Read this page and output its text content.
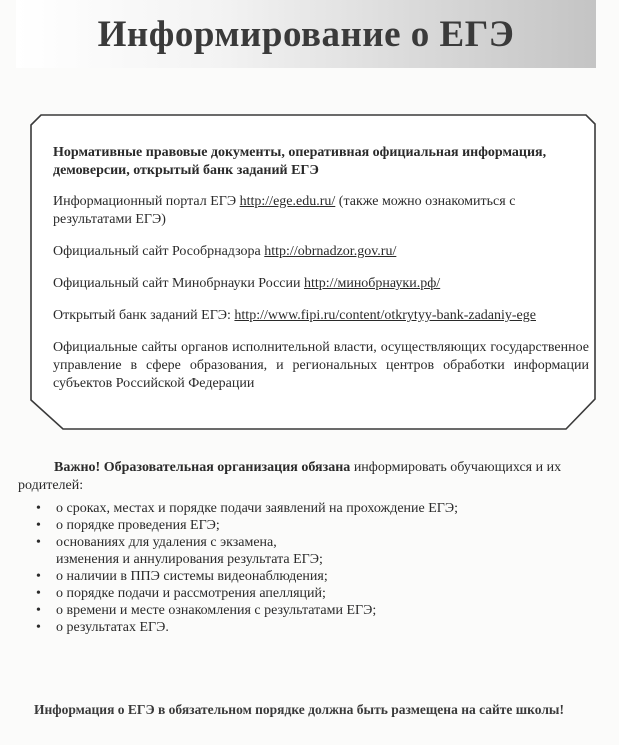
Информирование о ЕГЭ

Нормативные правовые документы, оперативная официальная информация, демоверсии, открытый банк заданий ЕГЭ

Информационный портал ЕГЭ http://ege.edu.ru/ (также можно ознакомиться с результатами ЕГЭ)

Официальный сайт Рособрнадзора http://obrnadzor.gov.ru/

Официальный сайт Минобрнауки России http://минобрнауки.рф/

Открытый банк заданий ЕГЭ: http://www.fipi.ru/content/otkrytyy-bank-zadaniy-ege

Официальные сайты органов исполнительной власти, осуществляющих государственное управление в сфере образования, и региональных центров обработки информации субъектов Российской Федерации

Важно! Образовательная организация обязана информировать обучающихся и их родителей:

• о сроках, местах и порядке подачи заявлений на прохождение ЕГЭ;
• о порядке проведения ЕГЭ;
• основаниях для удаления с экзамена,
изменения и аннулирования результата ЕГЭ;
• о наличии в ППЭ системы видеонаблюдения;
• о порядке подачи и рассмотрения апелляций;
• о времени и месте ознакомления с результатами ЕГЭ;
• о результатах ЕГЭ.
Информация о ЕГЭ в обязательном порядке должна быть размещена на сайте школы!
